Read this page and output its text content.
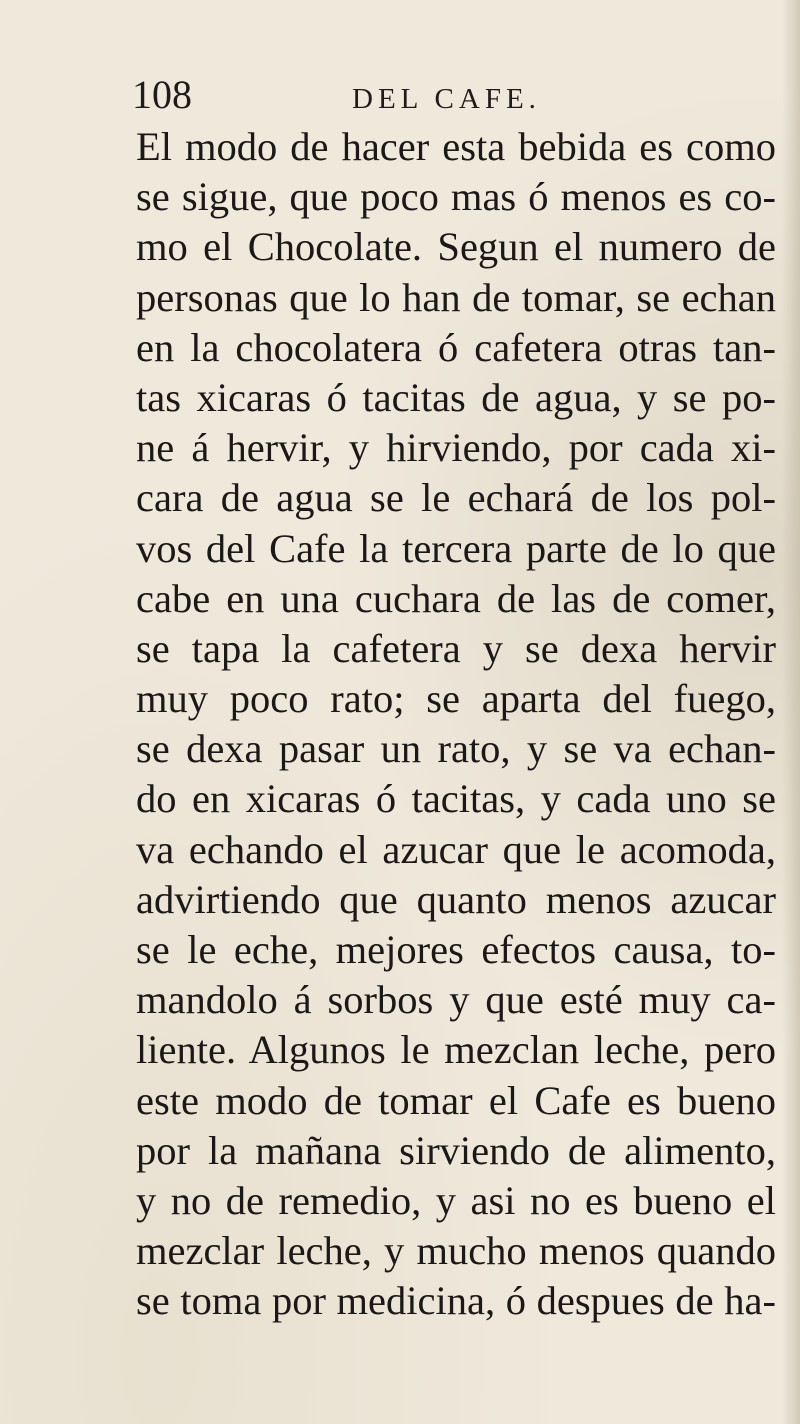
108	DEL CAFE.
El modo de hacer esta bebida es como
se sigue, que poco mas ó menos es co-
mo el Chocolate. Segun el numero de
personas que lo han de tomar, se echan
en la chocolatera ó cafetera otras tan-
tas xicaras ó tacitas de agua, y se po-
ne á hervir, y hirviendo, por cada xi-
cara de agua se le echará de los pol-
vos del Cafe la tercera parte de lo que
cabe en una cuchara de las de comer,
se tapa la cafetera y se dexa hervir
muy poco rato; se aparta del fuego,
se dexa pasar un rato, y se va echan-
do en xicaras ó tacitas, y cada uno se
va echando el azucar que le acomoda,
advirtiendo que quanto menos azucar
se le eche, mejores efectos causa, to-
mandolo á sorbos y que esté muy ca-
liente. Algunos le mezclan leche, pero
este modo de tomar el Cafe es bueno
por la mañana sirviendo de alimento,
y no de remedio, y asi no es bueno el
mezclar leche, y mucho menos quando
se toma por medicina, ó despues de ha-
